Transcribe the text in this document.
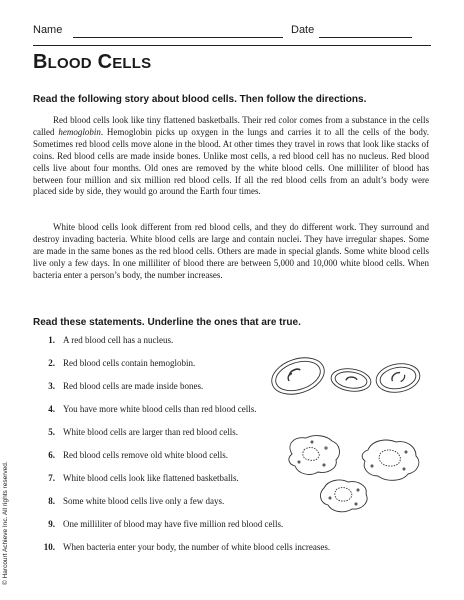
Name	Date
BLOOD CELLS
Read the following story about blood cells. Then follow the directions.

Red blood cells look like tiny flattened basketballs. Their red color comes from a substance in the cells called hemoglobin. Hemoglobin picks up oxygen in the lungs and carries it to all the cells of the body. Sometimes red blood cells move alone in the blood. At other times they travel in rows that look like stacks of coins. Red blood cells are made inside bones. Unlike most cells, a red blood cell has no nucleus. Red blood cells live about four months. Old ones are removed by the white blood cells. One milliliter of blood has between four million and six million red blood cells. If all the red blood cells from an adult’s body were placed side by side, they would go around the Earth four times.

White blood cells look different from red blood cells, and they do different work. They surround and destroy invading bacteria. White blood cells are large and contain nuclei. They have irregular shapes. Some are made in the same bones as the red blood cells. Others are made in special glands. Some white blood cells live only a few days. In one milliliter of blood there are between 5,000 and 10,000 white blood cells. When bacteria enter a person’s body, the number increases.

Read these statements. Underline the ones that are true.
1. A red blood cell has a nucleus.
2. Red blood cells contain hemoglobin.
3. Red blood cells are made inside bones.
4. You have more white blood cells than red blood cells.
5. White blood cells are larger than red blood cells.
6. Red blood cells remove old white blood cells.
7. White blood cells look like flattened basketballs.
8. Some white blood cells live only a few days.
9. One milliliter of blood may have five million red blood cells.
10. When bacteria enter your body, the number of white blood cells increases.
© Harcourt Achieve Inc. All rights reserved.
